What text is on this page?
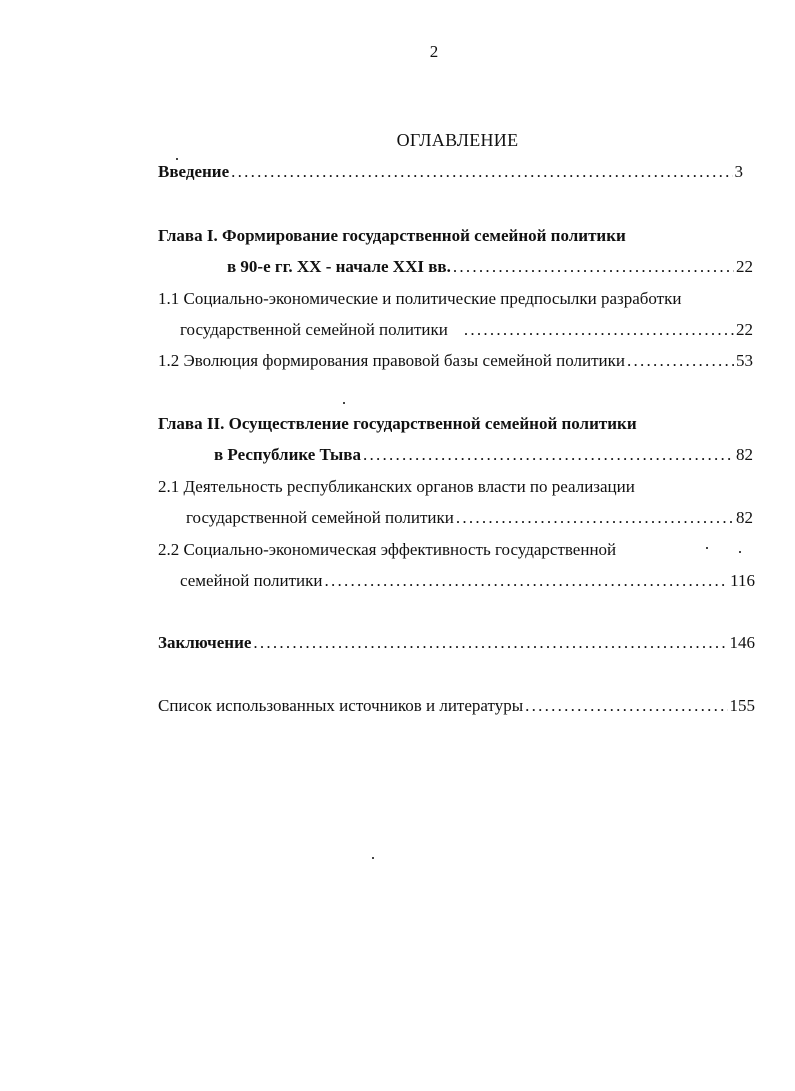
2
ОГЛАВЛЕНИЕ
Введение . . .	3
Глава I. Формирование государственной семейной политики
в 90-е гг. XX - начале XXI вв. . . .	22
1.1 Социально-экономические и политические предпосылки разработки
государственной семейной политики . . .	22
1.2 Эволюция формирования правовой базы семейной политики . . .	53
Глава II. Осуществление государственной семейной политики
в Республике Тыва . . .	82
2.1 Деятельность республиканских органов власти по реализации
государственной семейной политики . . .	82
2.2 Социально-экономическая эффективность государственной
семейной политики . . .	116
Заключение . . .	146
Список использованных источников и литературы . . .	155
